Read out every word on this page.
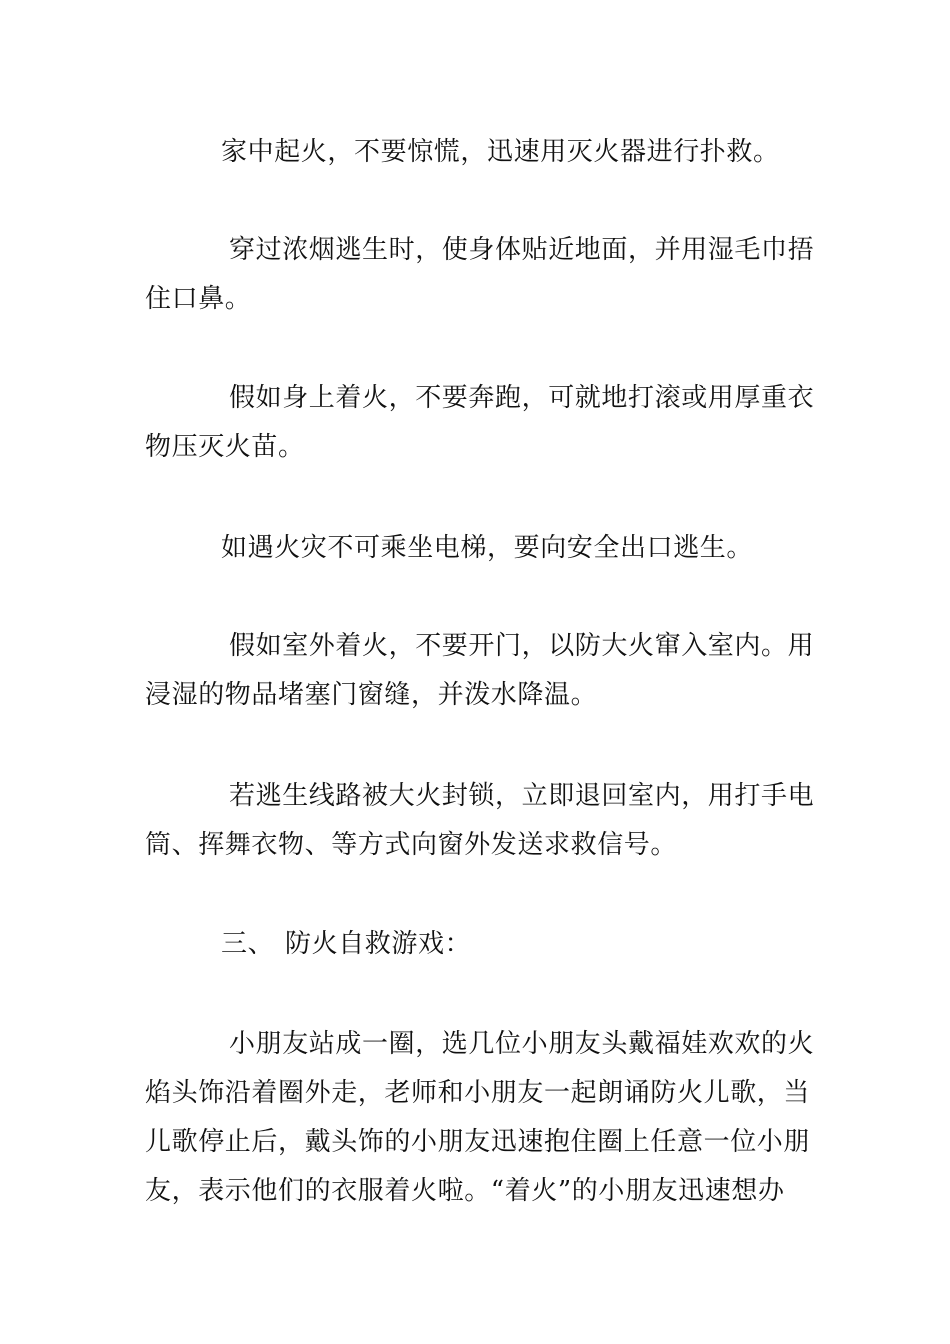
家中起火，不要惊慌，迅速用灭火器进行扑救。

穿过浓烟逃生时，使身体贴近地面，并用湿毛巾捂
住口鼻。

假如身上着火，不要奔跑，可就地打滚或用厚重衣
物压灭火苗。

如遇火灾不可乘坐电梯，要向安全出口逃生。

假如室外着火，不要开门，以防大火窜入室内。用
浸湿的物品堵塞门窗缝，并泼水降温。

若逃生线路被大火封锁，立即退回室内，用打手电
筒、挥舞衣物、等方式向窗外发送求救信号。

三、 防火自救游戏：

小朋友站成一圈，选几位小朋友头戴福娃欢欢的火
焰头饰沿着圈外走，老师和小朋友一起朗诵防火儿歌，当
儿歌停止后，戴头饰的小朋友迅速抱住圈上任意一位小朋
友，表示他们的衣服着火啦。“着火”的小朋友迅速想办
